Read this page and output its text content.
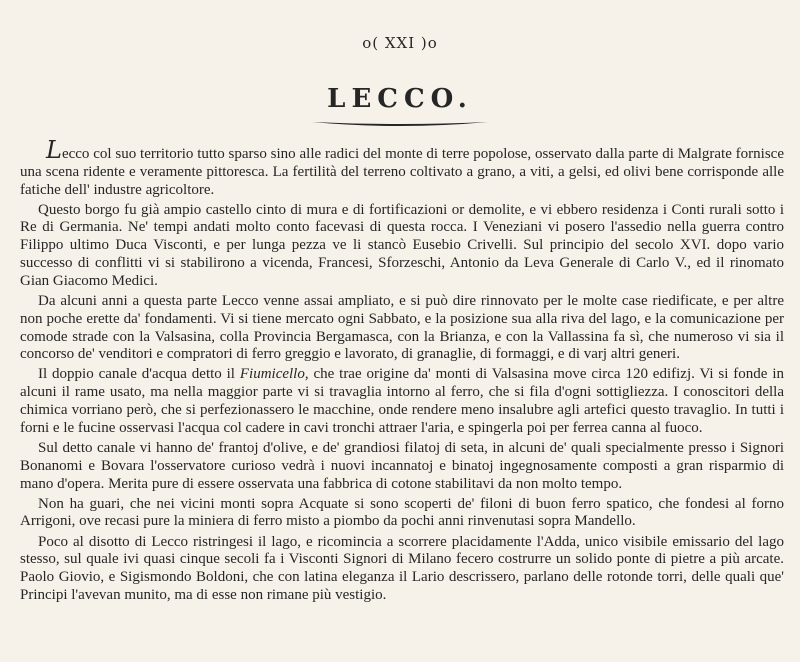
o( XXI )o
LECCO.

Lecco col suo territorio tutto sparso sino alle radici del monte di terre popolose, osservato dalla parte di Malgrate fornisce una scena ridente e veramente pittoresca. La fertilità del terreno coltivato a grano, a viti, a gelsi, ed olivi bene corrisponde alle fatiche dell' industre agricoltore.

Questo borgo fu già ampio castello cinto di mura e di fortificazioni or demolite, e vi ebbero residenza i Conti rurali sotto i Re di Germania. Ne' tempi andati molto conto facevasi di questa rocca. I Veneziani vi posero l'assedio nella guerra contro Filippo ultimo Duca Visconti, e per lunga pezza ve li stancò Eusebio Crivelli. Sul principio del secolo XVI. dopo vario successo di conflitti vi si stabilirono a vicenda, Francesi, Sforzeschi, Antonio da Leva Generale di Carlo V., ed il rinomato Gian Giacomo Medici.

Da alcuni anni a questa parte Lecco venne assai ampliato, e si può dire rinnovato per le molte case riedificate, e per altre non poche erette da' fondamenti. Vi si tiene mercato ogni Sabbato, e la posizione sua alla riva del lago, e la comunicazione per comode strade con la Valsasina, colla Provincia Bergamasca, con la Brianza, e con la Vallassina fa sì, che numeroso vi sia il concorso de' venditori e compratori di ferro greggio e lavorato, di granaglie, di formaggi, e di varj altri generi.

Il doppio canale d'acqua detto il Fiumicello, che trae origine da' monti di Valsasina move circa 120 edifizj. Vi si fonde in alcuni il rame usato, ma nella maggior parte vi si travaglia intorno al ferro, che si fila d'ogni sottigliezza. I conoscitori della chimica vorriano però, che si perfezionassero le macchine, onde rendere meno insalubre agli artefici questo travaglio. In tutti i forni e le fucine osservasi l'acqua col cadere in cavi tronchi attraer l'aria, e spingerla poi per ferrea canna al fuoco.

Sul detto canale vi hanno de' frantoj d'olive, e de' grandiosi filatoj di seta, in alcuni de' quali specialmente presso i Signori Bonanomi e Bovara l'osservatore curioso vedrà i nuovi incannatoj e binatoj ingegnosamente composti a gran risparmio di mano d'opera. Merita pure di essere osservata una fabbrica di cotone stabilitavi da non molto tempo.

Non ha guari, che nei vicini monti sopra Acquate si sono scoperti de' filoni di buon ferro spatico, che fondesi al forno Arrigoni, ove recasi pure la miniera di ferro misto a piombo da pochi anni rinvenutasi sopra Mandello.

Poco al disotto di Lecco ristringesi il lago, e ricomincia a scorrere placidamente l'Adda, unico visibile emissario del lago stesso, sul quale ivi quasi cinque secoli fa i Visconti Signori di Milano fecero costrurre un solido ponte di pietre a più arcate. Paolo Giovio, e Sigismondo Boldoni, che con latina eleganza il Lario descrissero, parlano delle rotonde torri, delle quali que' Principi l'avevan munito, ma di esse non rimane più vestigio.
